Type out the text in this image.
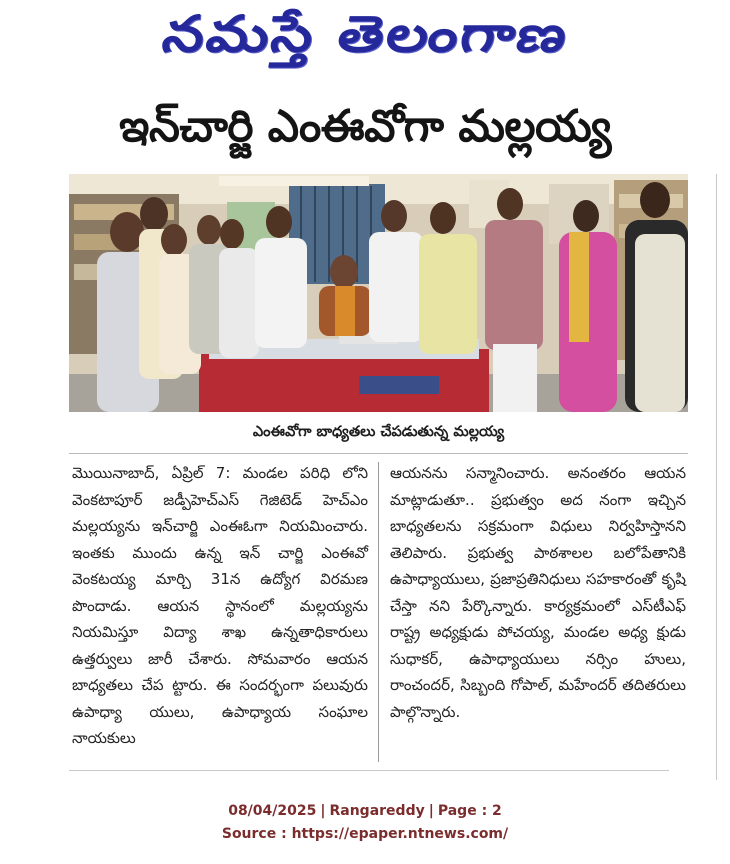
నమస్తే తెలంగాణ
ఇన్‌చార్జి ఎంఈవోగా మల్లయ్య
ఎంఈవోగా బాధ్యతలు చేపడుతున్న మల్లయ్య

మొయినాబాద్, ఏప్రిల్ 7: మండల పరిధి లోని వెంకటాపూర్ జడ్పీహెచ్ఎస్ గెజిటెడ్ హెచ్ఎం మల్లయ్యను ఇన్‌చార్జి ఎంఈఓగా నియమించారు. ఇంతకు ముందు ఉన్న ఇన్ చార్జి ఎంఈవో వెంకటయ్య మార్చి 31న ఉద్యోగ విరమణ పొందాడు. ఆయన స్థానంలో మల్లయ్యను నియమిస్తూ విద్యా శాఖ ఉన్నతాధికారులు ఉత్తర్వులు జారీ చేశారు. సోమవారం ఆయన బాధ్యతలు చేప ట్టారు. ఈ సందర్భంగా పలువురు ఉపాధ్యా యులు, ఉపాధ్యాయ సంఘాల నాయకులు

ఆయనను సన్మానించారు. అనంతరం ఆయన మాట్లాడుతూ.. ప్రభుత్వం అద నంగా ఇచ్చిన బాధ్యతలను సక్రమంగా విధులు నిర్వహిస్తానని తెలిపారు. ప్రభుత్వ పాఠశాలల బలోపేతానికి ఉపాధ్యాయులు, ప్రజాప్రతినిధులు సహకారంతో కృషి చేస్తా నని పేర్కొన్నారు. కార్యక్రమంలో ఎస్‌టీఎఫ్ రాష్ట్ర అధ్యక్షుడు పోచయ్య, మండల అధ్య క్షుడు సుధాకర్, ఉపాధ్యాయులు నర్సిం హులు, రాంచందర్, సిబ్బంది గోపాల్, మహేందర్ తదితరులు పాల్గొన్నారు.

08/04/2025 | Rangareddy | Page : 2
Source : https://epaper.ntnews.com/
